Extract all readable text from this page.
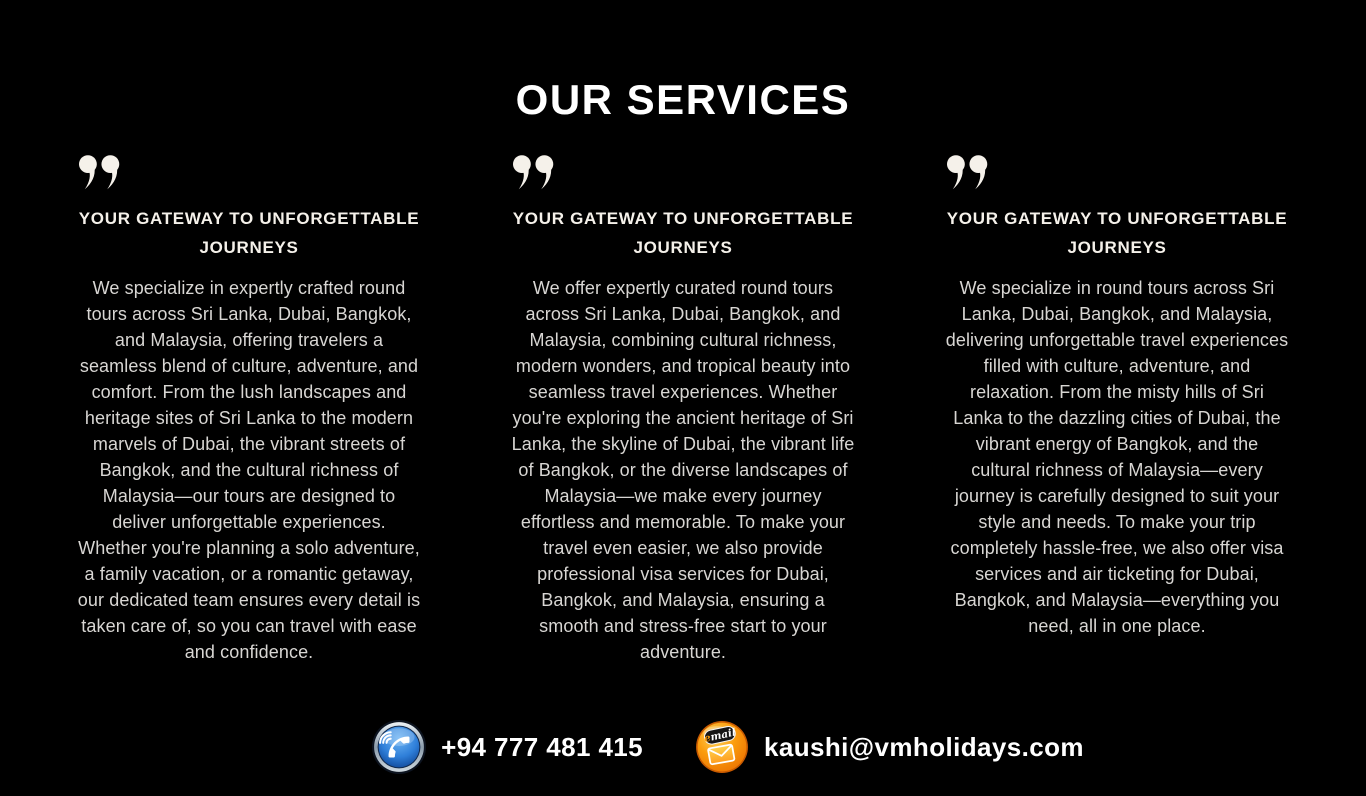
OUR SERVICES
YOUR GATEWAY TO UNFORGETTABLE JOURNEYS
We specialize in expertly crafted round tours across Sri Lanka, Dubai, Bangkok, and Malaysia, offering travelers a seamless blend of culture, adventure, and comfort. From the lush landscapes and heritage sites of Sri Lanka to the modern marvels of Dubai, the vibrant streets of Bangkok, and the cultural richness of Malaysia—our tours are designed to deliver unforgettable experiences. Whether you're planning a solo adventure, a family vacation, or a romantic getaway, our dedicated team ensures every detail is taken care of, so you can travel with ease and confidence.
YOUR GATEWAY TO UNFORGETTABLE JOURNEYS
We offer expertly curated round tours across Sri Lanka, Dubai, Bangkok, and Malaysia, combining cultural richness, modern wonders, and tropical beauty into seamless travel experiences. Whether you're exploring the ancient heritage of Sri Lanka, the skyline of Dubai, the vibrant life of Bangkok, or the diverse landscapes of Malaysia—we make every journey effortless and memorable. To make your travel even easier, we also provide professional visa services for Dubai, Bangkok, and Malaysia, ensuring a smooth and stress-free start to your adventure.
YOUR GATEWAY TO UNFORGETTABLE JOURNEYS
We specialize in round tours across Sri Lanka, Dubai, Bangkok, and Malaysia, delivering unforgettable travel experiences filled with culture, adventure, and relaxation. From the misty hills of Sri Lanka to the dazzling cities of Dubai, the vibrant energy of Bangkok, and the cultural richness of Malaysia—every journey is carefully designed to suit your style and needs. To make your trip completely hassle-free, we also offer visa services and air ticketing for Dubai, Bangkok, and Malaysia—everything you need, all in one place.
+94 777 481 415	email kaushi@vmholidays.com
